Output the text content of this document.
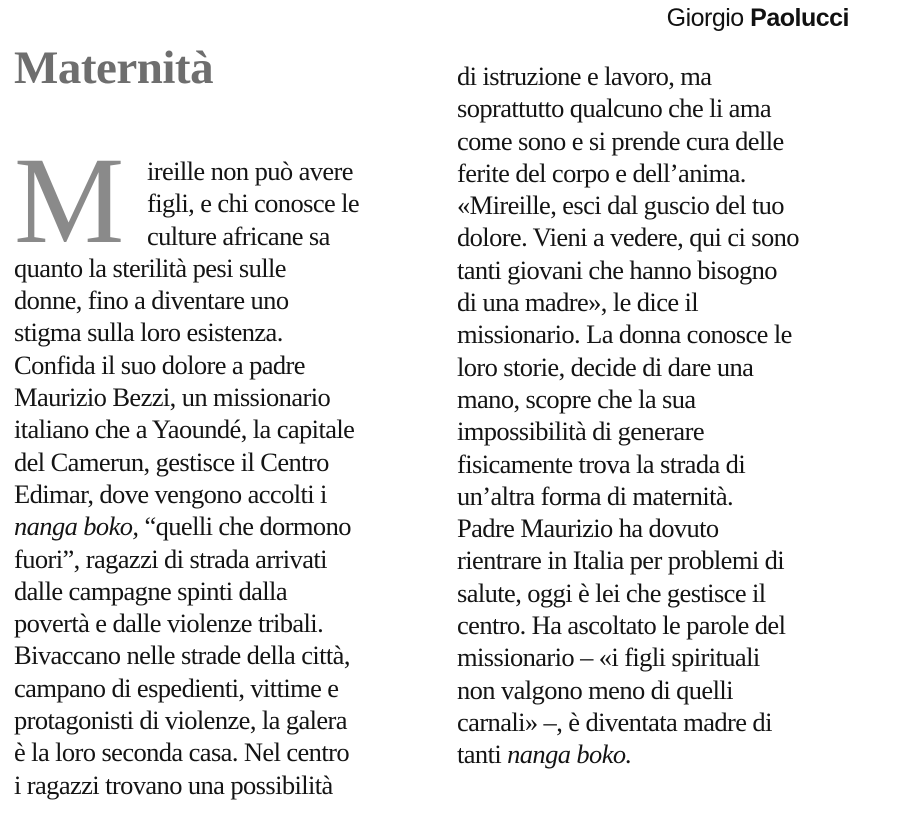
Giorgio Paolucci
Maternità
M ireille non può avere
figli, e chi conosce le
culture africane sa
quanto la sterilità pesi sulle
donne, fino a diventare uno
stigma sulla loro esistenza.
Confida il suo dolore a padre
Maurizio Bezzi, un missionario
italiano che a Yaoundé, la capitale
del Camerun, gestisce il Centro
Edimar, dove vengono accolti i
nanga boko, “quelli che dormono
fuori”, ragazzi di strada arrivati
dalle campagne spinti dalla
povertà e dalle violenze tribali.
Bivaccano nelle strade della città,
campano di espedienti, vittime e
protagonisti di violenze, la galera
è la loro seconda casa. Nel centro
i ragazzi trovano una possibilità
di istruzione e lavoro, ma
soprattutto qualcuno che li ama
come sono e si prende cura delle
ferite del corpo e dell’anima.
«Mireille, esci dal guscio del tuo
dolore. Vieni a vedere, qui ci sono
tanti giovani che hanno bisogno
di una madre», le dice il
missionario. La donna conosce le
loro storie, decide di dare una
mano, scopre che la sua
impossibilità di generare
fisicamente trova la strada di
un’altra forma di maternità.
Padre Maurizio ha dovuto
rientrare in Italia per problemi di
salute, oggi è lei che gestisce il
centro. Ha ascoltato le parole del
missionario – «i figli spirituali
non valgono meno di quelli
carnali» –, è diventata madre di
tanti nanga boko.
